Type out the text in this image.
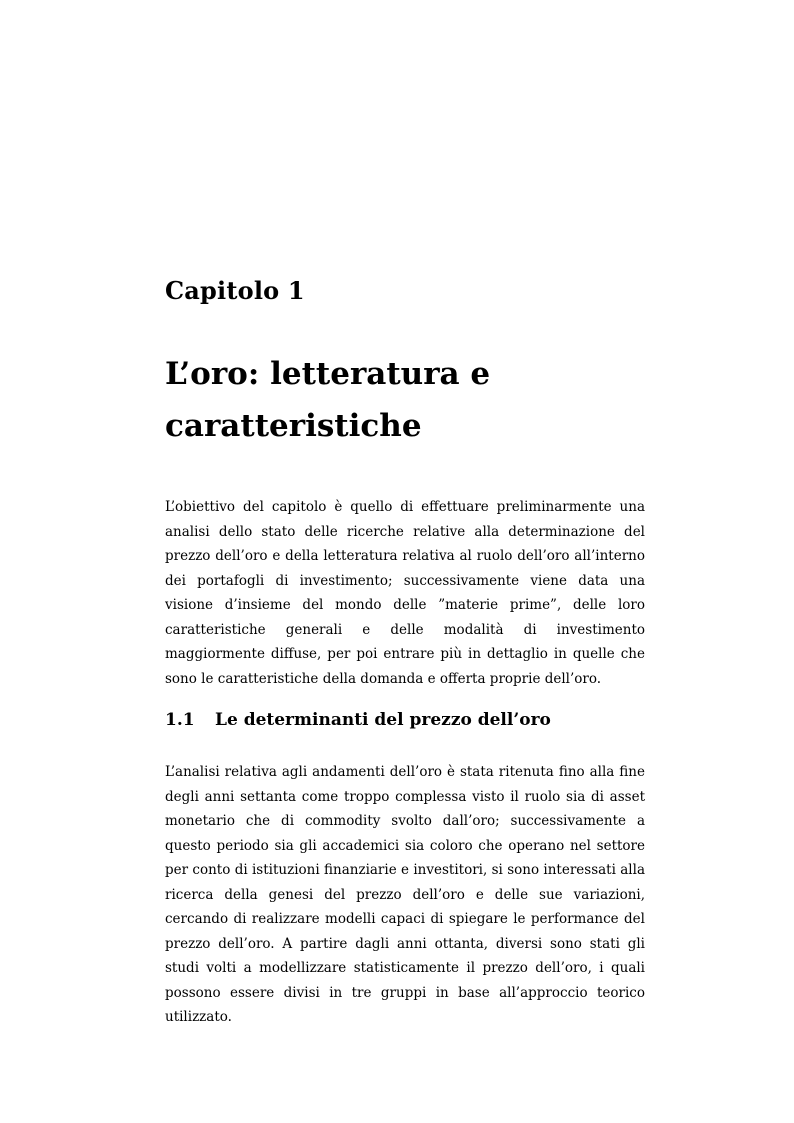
Capitolo 1
L’oro: letteratura e caratteristiche

L’obiettivo del capitolo è quello di effettuare preliminarmente una analisi dello stato delle ricerche relative alla determinazione del prezzo dell’oro e della letteratura relativa al ruolo dell’oro all’interno dei portafogli di investimento; successivamente viene data una visione d’insieme del mondo delle ”materie prime”, delle loro caratteristiche generali e delle modalità di investimento maggiormente diffuse, per poi entrare più in dettaglio in quelle che sono le caratteristiche della domanda e offerta proprie dell’oro.

1.1 Le determinanti del prezzo dell’oro

L’analisi relativa agli andamenti dell’oro è stata ritenuta fino alla fine degli anni settanta come troppo complessa visto il ruolo sia di asset monetario che di commodity svolto dall’oro; successivamente a questo periodo sia gli accademici sia coloro che operano nel settore per conto di istituzioni finanziarie e investitori, si sono interessati alla ricerca della genesi del prezzo dell’oro e delle sue variazioni, cercando di realizzare modelli capaci di spiegare le performance del prezzo dell’oro. A partire dagli anni ottanta, diversi sono stati gli studi volti a modellizzare statisticamente il prezzo dell’oro, i quali possono essere divisi in tre gruppi in base all’approccio teorico utilizzato.
